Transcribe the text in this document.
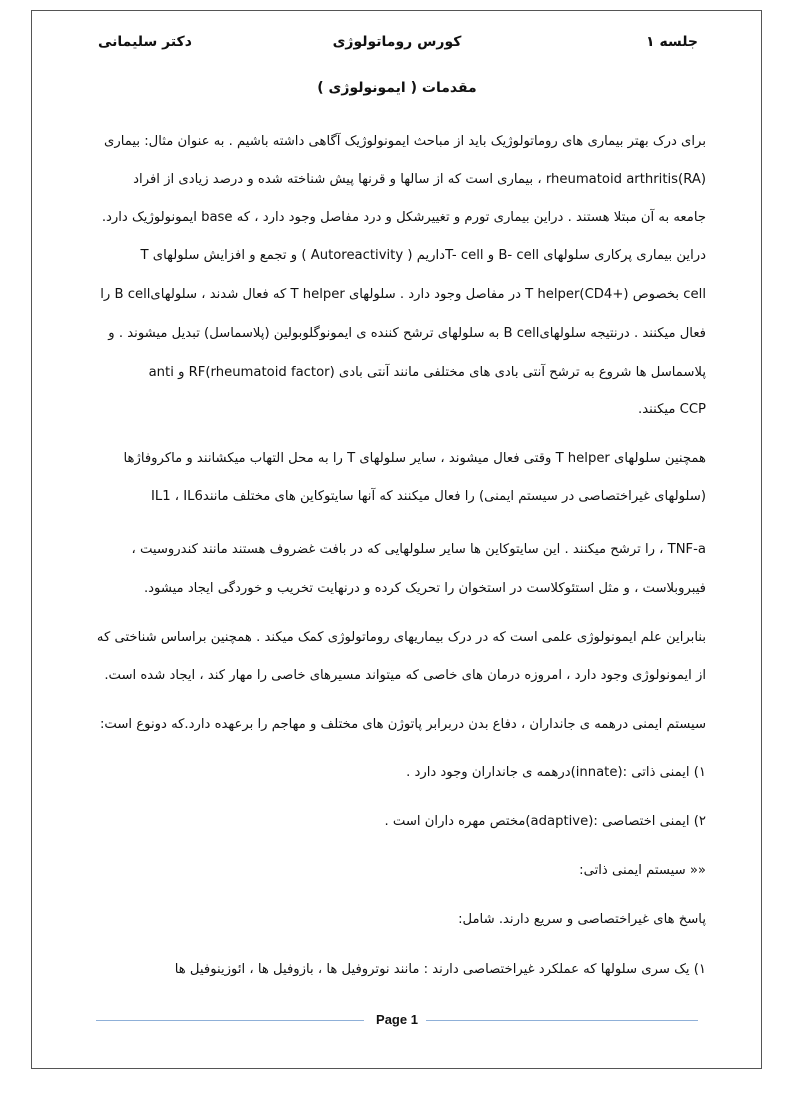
جلسه ۱
کورس روماتولوژی
دکتر سلیمانی
مقدمات ( ایمونولوژی )
برای درک بهتر بیماری های روماتولوژیک باید از مباحث ایمونولوژیک آگاهی داشته باشیم . به عنوان مثال: بیماری
rheumatoid arthritis(RA) ، بیماری است که از سالها و قرنها پیش شناخته شده و درصد زیادی از افراد
جامعه به آن مبتلا هستند . دراین بیماری تورم و تغییرشکل و درد مفاصل وجود دارد ، که base ایمونولوژیک دارد.
دراین بیماری پرکاری سلولهای B- cell و T- cellداریم ( Autoreactivity ) و تجمع و افزایش سلولهای T
cell بخصوص T helper(CD4+) در مفاصل وجود دارد . سلولهای T helper که فعال شدند ، سلولهایB cell را
فعال میکنند . درنتیجه سلولهایB cell به سلولهای ترشح کننده ی ایمونوگلوبولین (پلاسماسل) تبدیل میشوند . و
پلاسماسل ها شروع به ترشح آنتی بادی های مختلفی مانند آنتی بادی RF(rheumatoid factor) و anti
CCP میکنند.
همچنین سلولهای T helper وقتی فعال میشوند ، سایر سلولهای T را به محل التهاب میکشانند و ماکروفاژها
(سلولهای غیراختصاصی در سیستم ایمنی) را فعال میکنند که آنها سایتوکاین های مختلف مانندIL1 ، IL6
TNF-a ، را ترشح میکنند . این سایتوکاین ها سایر سلولهایی که در بافت غضروف هستند مانند کندروسیت ،
فیبروبلاست ، و مثل استئوکلاست در استخوان را تحریک کرده و درنهایت تخریب و خوردگی ایجاد میشود.
بنابراین علم ایمونولوژی علمی است که در درک بیماریهای روماتولوژی کمک میکند . همچنین براساس شناختی که
از ایمونولوژی وجود دارد ، امروزه درمان های خاصی که میتواند مسیرهای خاصی را مهار کند ، ایجاد شده است.
سیستم ایمنی درهمه ی جانداران ، دفاع بدن دربرابر پاتوژن های مختلف و مهاجم را برعهده دارد.که دونوع است:
۱) ایمنی ذاتی :(innate)درهمه ی جانداران وجود دارد .
۲) ایمنی اختصاصی :(adaptive)مختص مهره داران است .
«« سیستم ایمنی ذاتی:
پاسخ های غیراختصاصی و سریع دارند. شامل:
۱) یک سری سلولها که عملکرد غیراختصاصی دارند : مانند نوتروفیل ها ، بازوفیل ها ، ائوزینوفیل ها
Page 1
